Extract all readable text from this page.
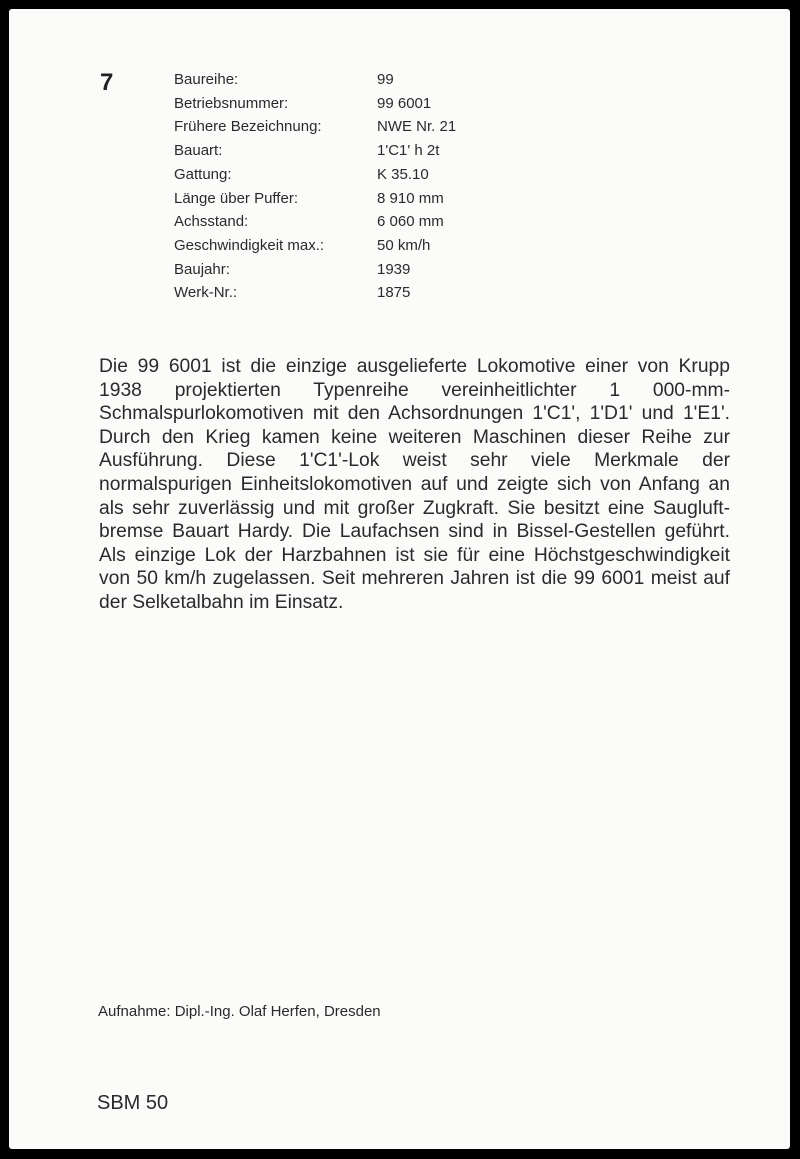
7	Baureihe:	99
Betriebsnummer:	99 6001
Frühere Bezeichnung:	NWE Nr. 21
Bauart:	1'C1' h 2t
Gattung:	K 35.10
Länge über Puffer:	8 910 mm
Achsstand:	6 060 mm
Geschwindigkeit max.:	50 km/h
Baujahr:	1939
Werk-Nr.:	1875

Die 99 6001 ist die einzige ausgelieferte Lokomotive einer von Krupp 1938 projektierten Typenreihe vereinheitlichter 1 000-mm-Schmalspurlokomotiven mit den Achsordnungen 1'C1', 1'D1' und 1'E1'. Durch den Krieg kamen keine weiteren Maschinen dieser Reihe zur Ausführung. Diese 1'C1'-Lok weist sehr viele Merkmale der normalspurigen Einheitslokomotiven auf und zeigte sich von Anfang an als sehr zuverlässig und mit großer Zugkraft. Sie besitzt eine Saugluftbremse Bauart Hardy. Die Laufachsen sind in Bissel-Gestellen geführt. Als einzige Lok der Harzbahnen ist sie für eine Höchstgeschwindigkeit von 50 km/h zugelassen. Seit mehreren Jahren ist die 99 6001 meist auf der Selketalbahn im Einsatz.

Aufnahme: Dipl.-Ing. Olaf Herfen, Dresden
SBM 50
